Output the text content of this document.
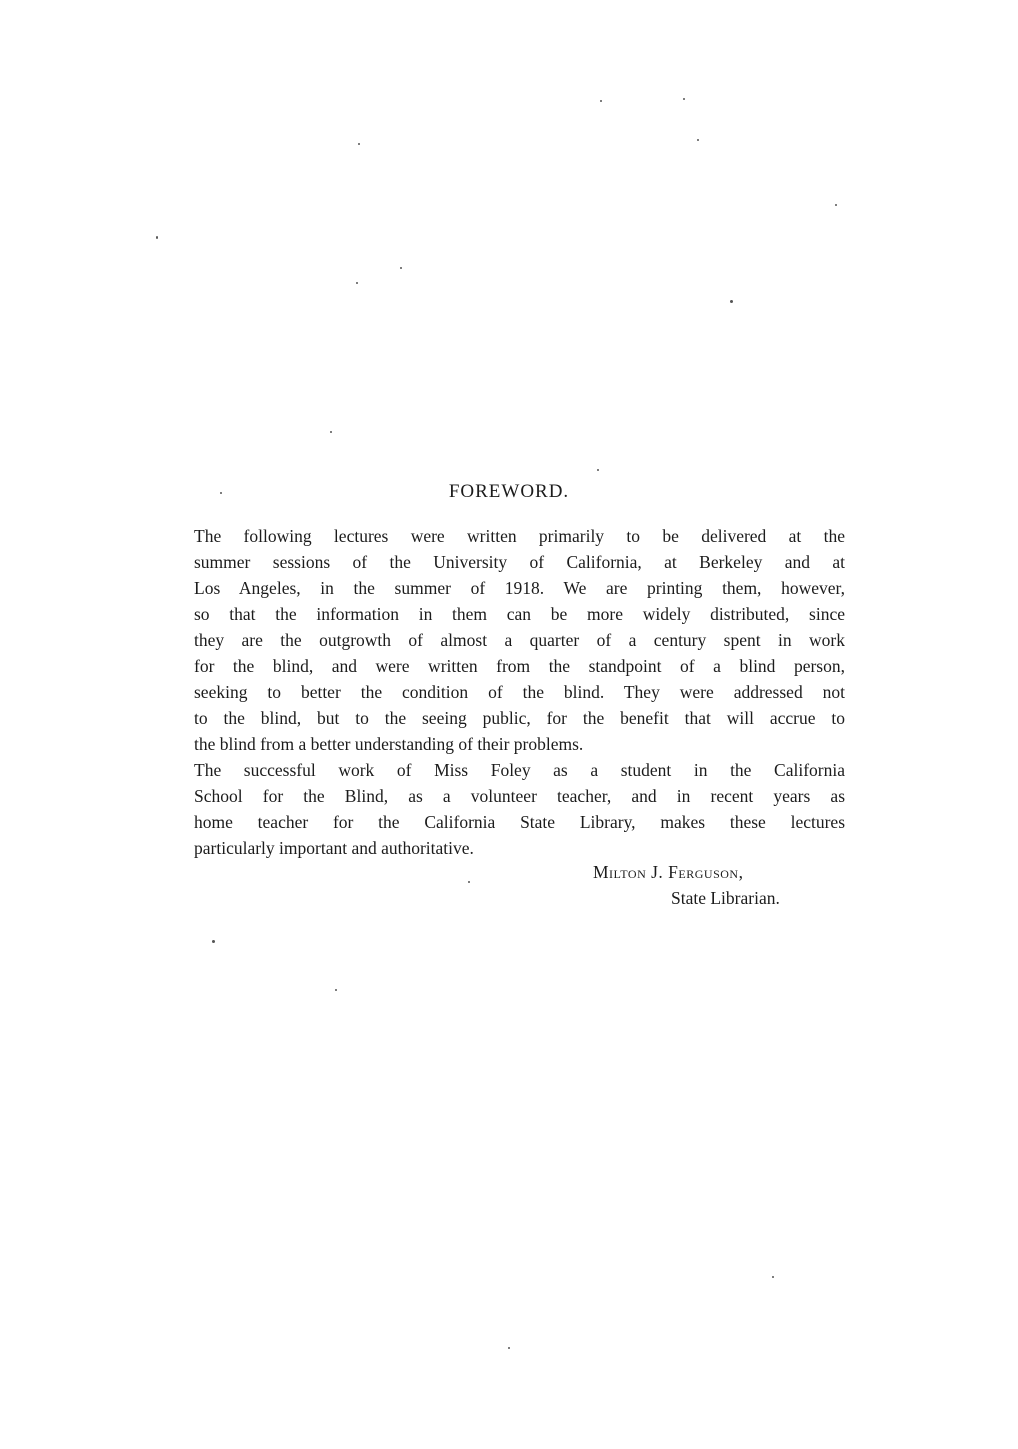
FOREWORD.

The following lectures were written primarily to be delivered at the
summer sessions of the University of California, at Berkeley and at
Los Angeles, in the summer of 1918. We are printing them, however,
so that the information in them can be more widely distributed, since
they are the outgrowth of almost a quarter of a century spent in work
for the blind, and were written from the standpoint of a blind person,
seeking to better the condition of the blind. They were addressed not
to the blind, but to the seeing public, for the benefit that will accrue to
the blind from a better understanding of their problems.

The successful work of Miss Foley as a student in the California
School for the Blind, as a volunteer teacher, and in recent years as
home teacher for the California State Library, makes these lectures
particularly important and authoritative.

Milton J. Ferguson,
State Librarian.
